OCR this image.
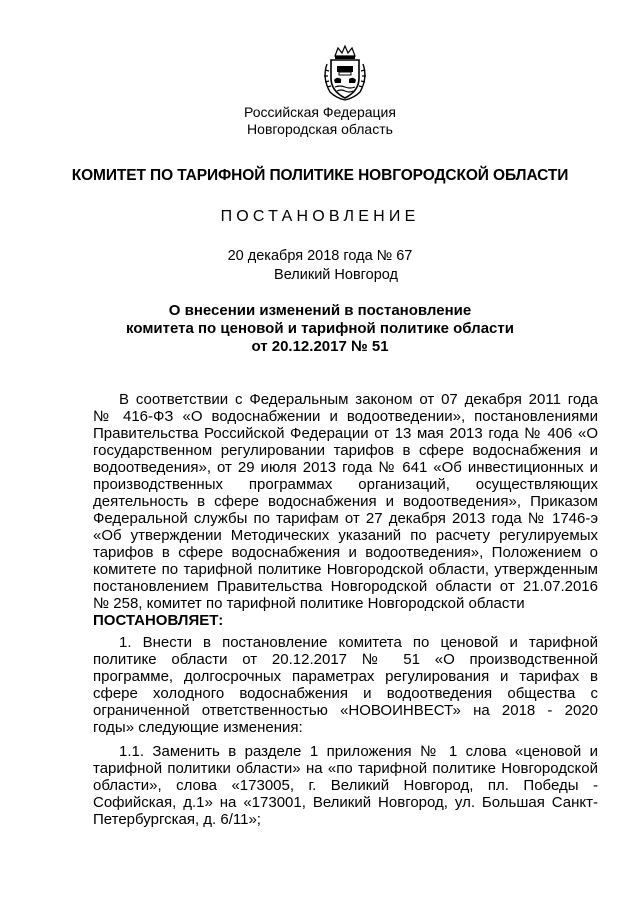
Российская Федерация
Новгородская область
КОМИТЕТ ПО ТАРИФНОЙ ПОЛИТИКЕ НОВГОРОДСКОЙ ОБЛАСТИ
ПОСТАНОВЛЕНИЕ
20 декабря 2018 года № 67
Великий Новгород
О внесении изменений в постановление
комитета по ценовой и тарифной политике области
от 20.12.2017 № 51
В соответствии с Федеральным законом от 07 декабря 2011 года
№ 416-ФЗ «О водоснабжении и водоотведении», постановлениями
Правительства Российской Федерации от 13 мая 2013 года № 406 «О
государственном регулировании тарифов в сфере водоснабжения и
водоотведения», от 29 июля 2013 года № 641 «Об инвестиционных и
производственных программах организаций, осуществляющих
деятельность в сфере водоснабжения и водоотведения», Приказом
Федеральной службы по тарифам от 27 декабря 2013 года № 1746-э
«Об утверждении Методических указаний по расчету регулируемых
тарифов в сфере водоснабжения и водоотведения», Положением о
комитете по тарифной политике Новгородской области, утвержденным
постановлением Правительства Новгородской области от 21.07.2016
№ 258, комитет по тарифной политике Новгородской области
ПОСТАНОВЛЯЕТ:
1. Внести в постановление комитета по ценовой и тарифной
политике области от 20.12.2017 № 51 «О производственной
программе, долгосрочных параметрах регулирования и тарифах в
сфере холодного водоснабжения и водоотведения общества с
ограниченной ответственностью «НОВОИНВЕСТ» на 2018 - 2020
годы» следующие изменения:
1.1. Заменить в разделе 1 приложения № 1 слова «ценовой и
тарифной политики области» на «по тарифной политике Новгородской
области», слова «173005, г. Великий Новгород, пл. Победы -
Софийская, д.1» на «173001, Великий Новгород, ул. Большая Санкт-
Петербургская, д. 6/11»;
